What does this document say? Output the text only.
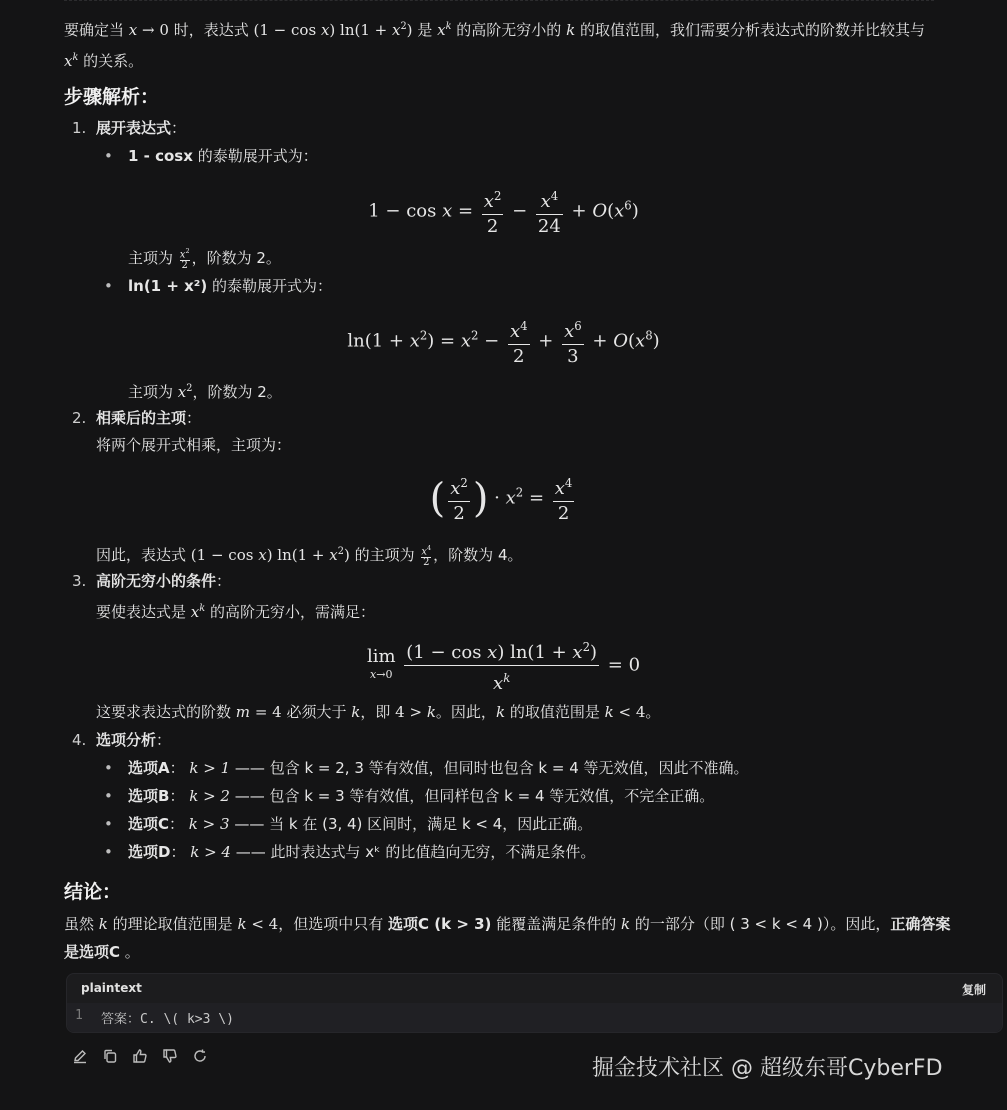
要确定当 x → 0 时，表达式 (1 − cos x) $\ln(1 + x^2)$ 是 $x^k$ 的高阶无穷小的 k 的取值范围，我们需要分析表达式的阶数并比较其与
$x^k$ 的关系。
步骤解析：
1. 展开表达式：
• 1 - cosx 的泰勒展开式为：
$1 - \cos x = \frac{x^2}{2} - \frac{x^4}{24} + O(x^6)$
主项为 $\frac{x^2}{2}$ ，阶数为 2。
• ln(1 + x²) 的泰勒展开式为：
$\ln(1 + x^2) = x^2 - \frac{x^4}{2} + \frac{x^6}{3} + O(x^8)$
主项为 $x^2$，阶数为 2。
2. 相乘后的主项：
将两个展开式相乘，主项为：
( $\frac{x^2}{2}$ ) · $x^2 = \frac{x^4}{2}$
因此，表达式 (1 − cos x) $\ln(1 + x^2)$ 的主项为 $\frac{x^4}{2}$ ，阶数为 4。
3. 高阶无穷小的条件：
要使表达式是 $x^k$ 的高阶无穷小，需满足：
lim
$x\to 0 \frac{(1 - \cos x) \ln(1 + x^2)}{x^k} = 0$
这要求表达式的阶数 m = 4 必须大于 k，即 4 > k。因此，k 的取值范围是 k < 4。
4. 选项分析：
• 选项A： k > 1 —— 包含 k = 2, 3 等有效值，但同时也包含 k = 4 等无效值，因此不准确。
• 选项B： k > 2 —— 包含 k = 3 等有效值，但同样包含 k = 4 等无效值，不完全正确。
• 选项C： k > 3 —— 当 k 在 (3, 4) 区间时，满足 k < 4，因此正确。
• 选项D： k > 4 —— 此时表达式与 xᵏ 的比值趋向无穷，不满足条件。
结论：
虽然 k 的理论取值范围是 k < 4，但选项中只有 选项C (k > 3) 能覆盖满足条件的 k 的一部分（即 ( 3 < k < 4 )）。因此，正确答案
是选项C 。
plaintext	复制
1 答案：C. \( k>3 \)
掘金技术社区 @ 超级东哥CyberFD
